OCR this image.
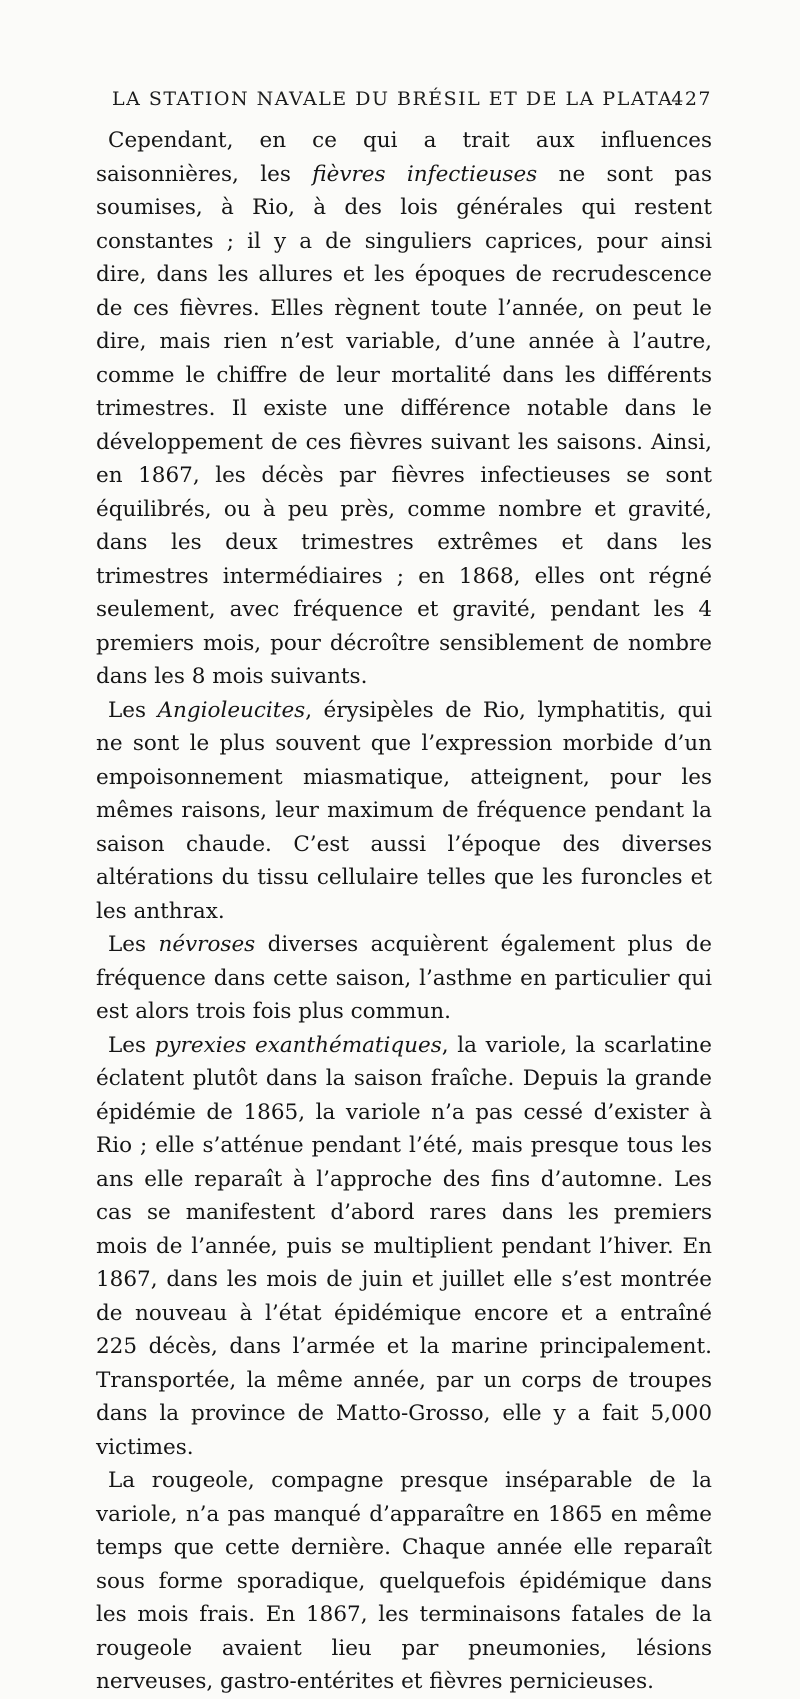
LA STATION NAVALE DU BRÉSIL ET DE LA PLATA.
427

Cependant, en ce qui a trait aux influences saisonnières, les fièvres infectieuses ne sont pas soumises, à Rio, à des lois générales qui restent constantes ; il y a de singuliers caprices, pour ainsi dire, dans les allures et les époques de recrudescence de ces fièvres. Elles règnent toute l’année, on peut le dire, mais rien n’est variable, d’une année à l’autre, comme le chiffre de leur mortalité dans les différents trimestres. Il existe une différence notable dans le développement de ces fièvres suivant les saisons. Ainsi, en 1867, les décès par fièvres infectieuses se sont équilibrés, ou à peu près, comme nombre et gravité, dans les deux trimestres extrêmes et dans les trimestres intermédiaires ; en 1868, elles ont régné seulement, avec fréquence et gravité, pendant les 4 premiers mois, pour décroître sensiblement de nombre dans les 8 mois suivants.

Les Angioleucites, érysipèles de Rio, lymphatitis, qui ne sont le plus souvent que l’expression morbide d’un empoisonnement miasmatique, atteignent, pour les mêmes raisons, leur maximum de fréquence pendant la saison chaude. C’est aussi l’époque des diverses altérations du tissu cellulaire telles que les furoncles et les anthrax.

Les névroses diverses acquièrent également plus de fréquence dans cette saison, l’asthme en particulier qui est alors trois fois plus commun.

Les pyrexies exanthématiques, la variole, la scarlatine éclatent plutôt dans la saison fraîche. Depuis la grande épidémie de 1865, la variole n’a pas cessé d’exister à Rio ; elle s’atténue pendant l’été, mais presque tous les ans elle reparaît à l’approche des fins d’automne. Les cas se manifestent d’abord rares dans les premiers mois de l’année, puis se multiplient pendant l’hiver. En 1867, dans les mois de juin et juillet elle s’est montrée de nouveau à l’état épidémique encore et a entraîné 225 décès, dans l’armée et la marine principalement. Transportée, la même année, par un corps de troupes dans la province de Matto-Grosso, elle y a fait 5,000 victimes.

La rougeole, compagne presque inséparable de la variole, n’a pas manqué d’apparaître en 1865 en même temps que cette dernière. Chaque année elle reparaît sous forme sporadique, quelquefois épidémique dans les mois frais. En 1867, les terminaisons fatales de la rougeole avaient lieu par pneumonies, lésions nerveuses, gastro-entérites et fièvres pernicieuses.
